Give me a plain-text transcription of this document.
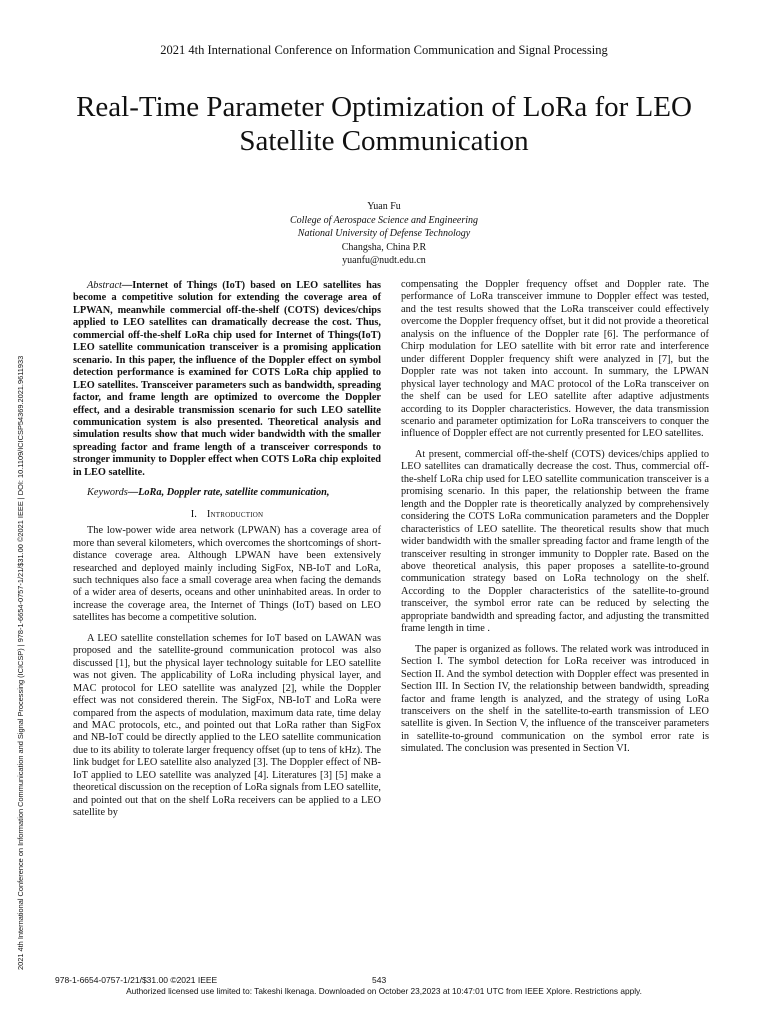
2021 4th International Conference on Information Communication and Signal Processing
Real-Time Parameter Optimization of LoRa for LEO Satellite Communication
Yuan Fu
College of Aerospace Science and Engineering
National University of Defense Technology
Changsha, China P.R
yuanfu@nudt.edu.cn
2021 4th International Conference on Information Communication and Signal Processing (ICICSP) | 978-1-6654-0757-1/21/$31.00 ©2021 IEEE | DOI: 10.1109/ICICSP54369.2021.9611933

Abstract—Internet of Things (IoT) based on LEO satellites has become a competitive solution for extending the coverage area of LPWAN, meanwhile commercial off-the-shelf (COTS) devices/chips applied to LEO satellites can dramatically decrease the cost. Thus, commercial off-the-shelf LoRa chip used for Internet of Things(IoT) LEO satellite communication transceiver is a promising application scenario. In this paper, the influence of the Doppler effect on symbol detection performance is examined for COTS LoRa chip applied to LEO satellites. Transceiver parameters such as bandwidth, spreading factor, and frame length are optimized to overcome the Doppler effect, and a desirable transmission scenario for such LEO satellite communication system is also presented. Theoretical analysis and simulation results show that much wider bandwidth with the smaller spreading factor and frame length of a transceiver corresponds to stronger immunity to Doppler effect when COTS LoRa chip exploited in LEO satellite.

Keywords—LoRa, Doppler rate, satellite communication,

I. Introduction

The low-power wide area network (LPWAN) has a coverage area of more than several kilometers, which overcomes the shortcomings of short-distance coverage area. Although LPWAN have been extensively researched and deployed mainly including SigFox, NB-IoT and LoRa, such techniques also face a small coverage area when facing the demands of a wider area of deserts, oceans and other uninhabited areas. In order to increase the coverage area, the Internet of Things (IoT) based on LEO satellites has become a competitive solution.

A LEO satellite constellation schemes for IoT based on LAWAN was proposed and the satellite-ground communication protocol was also discussed [1], but the physical layer technology suitable for LEO satellite was not given. The applicability of LoRa including physical layer, and MAC protocol for LEO satellite was analyzed [2], while the Doppler effect was not considered therein. The SigFox, NB-IoT and LoRa were compared from the aspects of modulation, maximum data rate, time delay and MAC protocols, etc., and pointed out that LoRa rather than SigFox and NB-IoT could be directly applied to the LEO satellite communication due to its ability to tolerate larger frequency offset (up to tens of kHz). The link budget for LEO satellite also analyzed [3]. The Doppler effect of NB-IoT applied to LEO satellite was analyzed [4]. Literatures [3] [5] make a theoretical discussion on the reception of LoRa signals from LEO satellite, and pointed out that on the shelf LoRa receivers can be applied to a LEO satellite by

compensating the Doppler frequency offset and Doppler rate. The performance of LoRa transceiver immune to Doppler effect was tested, and the test results showed that the LoRa transceiver could effectively overcome the Doppler frequency offset, but it did not provide a theoretical analysis on the influence of the Doppler rate [6]. The performance of Chirp modulation for LEO satellite with bit error rate and interference under different Doppler frequency shift were analyzed in [7], but the Doppler rate was not taken into account. In summary, the LPWAN physical layer technology and MAC protocol of the LoRa transceiver on the shelf can be used for LEO satellite after adaptive adjustments according to its Doppler characteristics. However, the data transmission scenario and parameter optimization for LoRa transceivers to conquer the influence of Doppler effect are not currently presented for LEO satellites.

At present, commercial off-the-shelf (COTS) devices/chips applied to LEO satellites can dramatically decrease the cost. Thus, commercial off-the-shelf LoRa chip used for LEO satellite communication transceiver is a promising scenario. In this paper, the relationship between the frame length and the Doppler rate is theoretically analyzed by comprehensively considering the COTS LoRa communication parameters and the Doppler characteristics of LEO satellite. The theoretical results show that much wider bandwidth with the smaller spreading factor and frame length of the transceiver resulting in stronger immunity to Doppler rate. Based on the above theoretical analysis, this paper proposes a satellite-to-ground communication strategy based on LoRa technology on the shelf. According to the Doppler characteristics of the satellite-to-ground transceiver, the symbol error rate can be reduced by selecting the appropriate bandwidth and spreading factor, and adjusting the transmitted frame length in time .

The paper is organized as follows. The related work was introduced in Section I. The symbol detection for LoRa receiver was introduced in Section II. And the symbol detection with Doppler effect was presented in Section III. In Section IV, the relationship between bandwidth, spreading factor and frame length is analyzed, and the strategy of using LoRa transceivers on the shelf in the satellite-to-earth transmission of LEO satellite is given. In Section V, the influence of the transceiver parameters in satellite-to-ground communication on the symbol error rate is simulated. The conclusion was presented in Section VI.

978-1-6654-0757-1/21/$31.00 ©2021 IEEE	543
Authorized licensed use limited to: Takeshi Ikenaga. Downloaded on October 23,2023 at 10:47:01 UTC from IEEE Xplore. Restrictions apply.
